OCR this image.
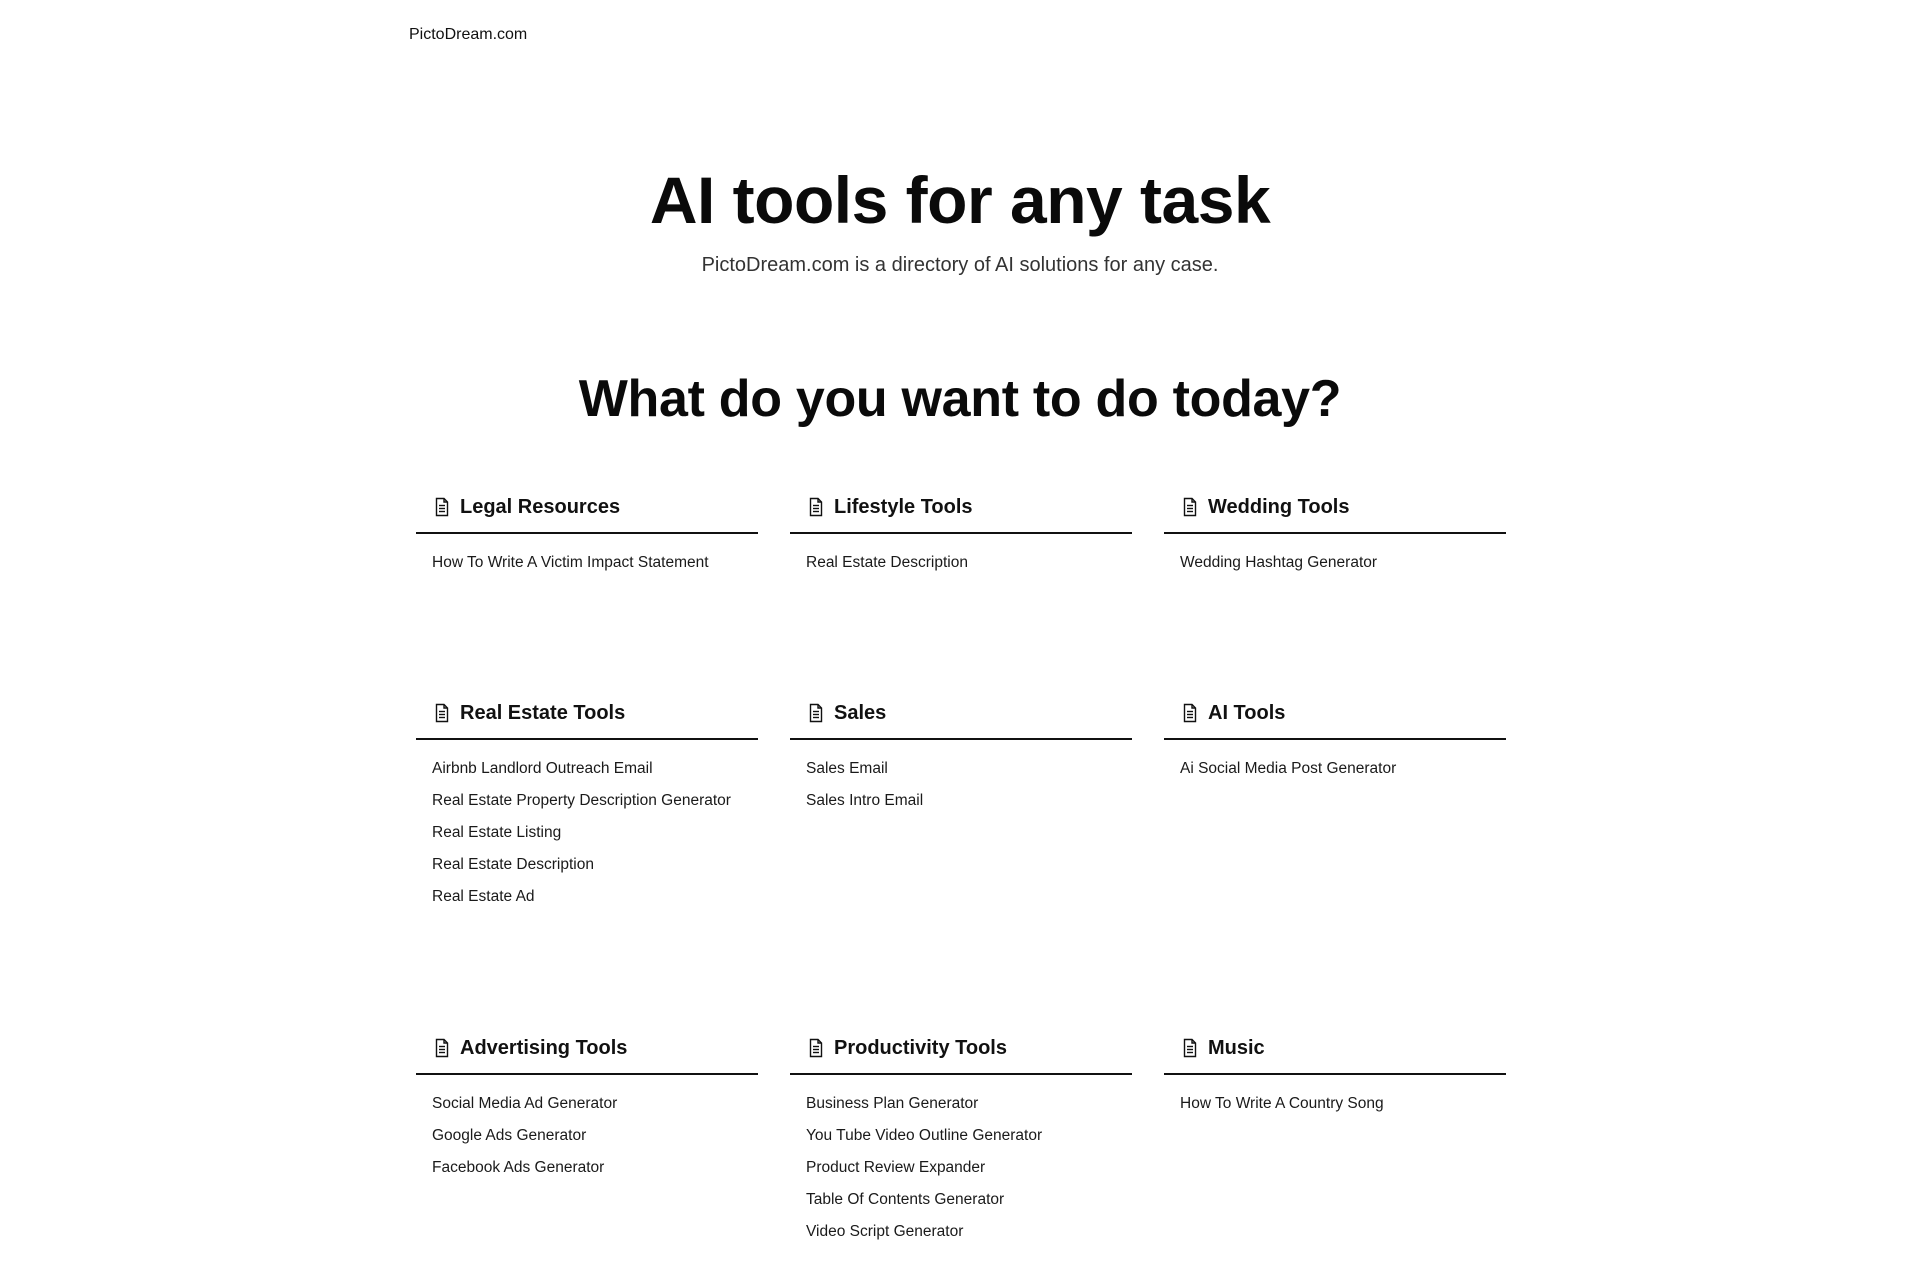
PictoDream.com
AI tools for any task

PictoDream.com is a directory of AI solutions for any case.

What do you want to do today?
Legal Resources
How To Write A Victim Impact Statement
Lifestyle Tools
Real Estate Description
Wedding Tools
Wedding Hashtag Generator
Real Estate Tools
Airbnb Landlord Outreach Email
Real Estate Property Description Generator
Real Estate Listing
Real Estate Description
Real Estate Ad
Sales
Sales Email
Sales Intro Email
AI Tools
Ai Social Media Post Generator
Advertising Tools
Social Media Ad Generator
Google Ads Generator
Facebook Ads Generator
Productivity Tools
Business Plan Generator
You Tube Video Outline Generator
Product Review Expander
Table Of Contents Generator
Video Script Generator
Music
How To Write A Country Song
